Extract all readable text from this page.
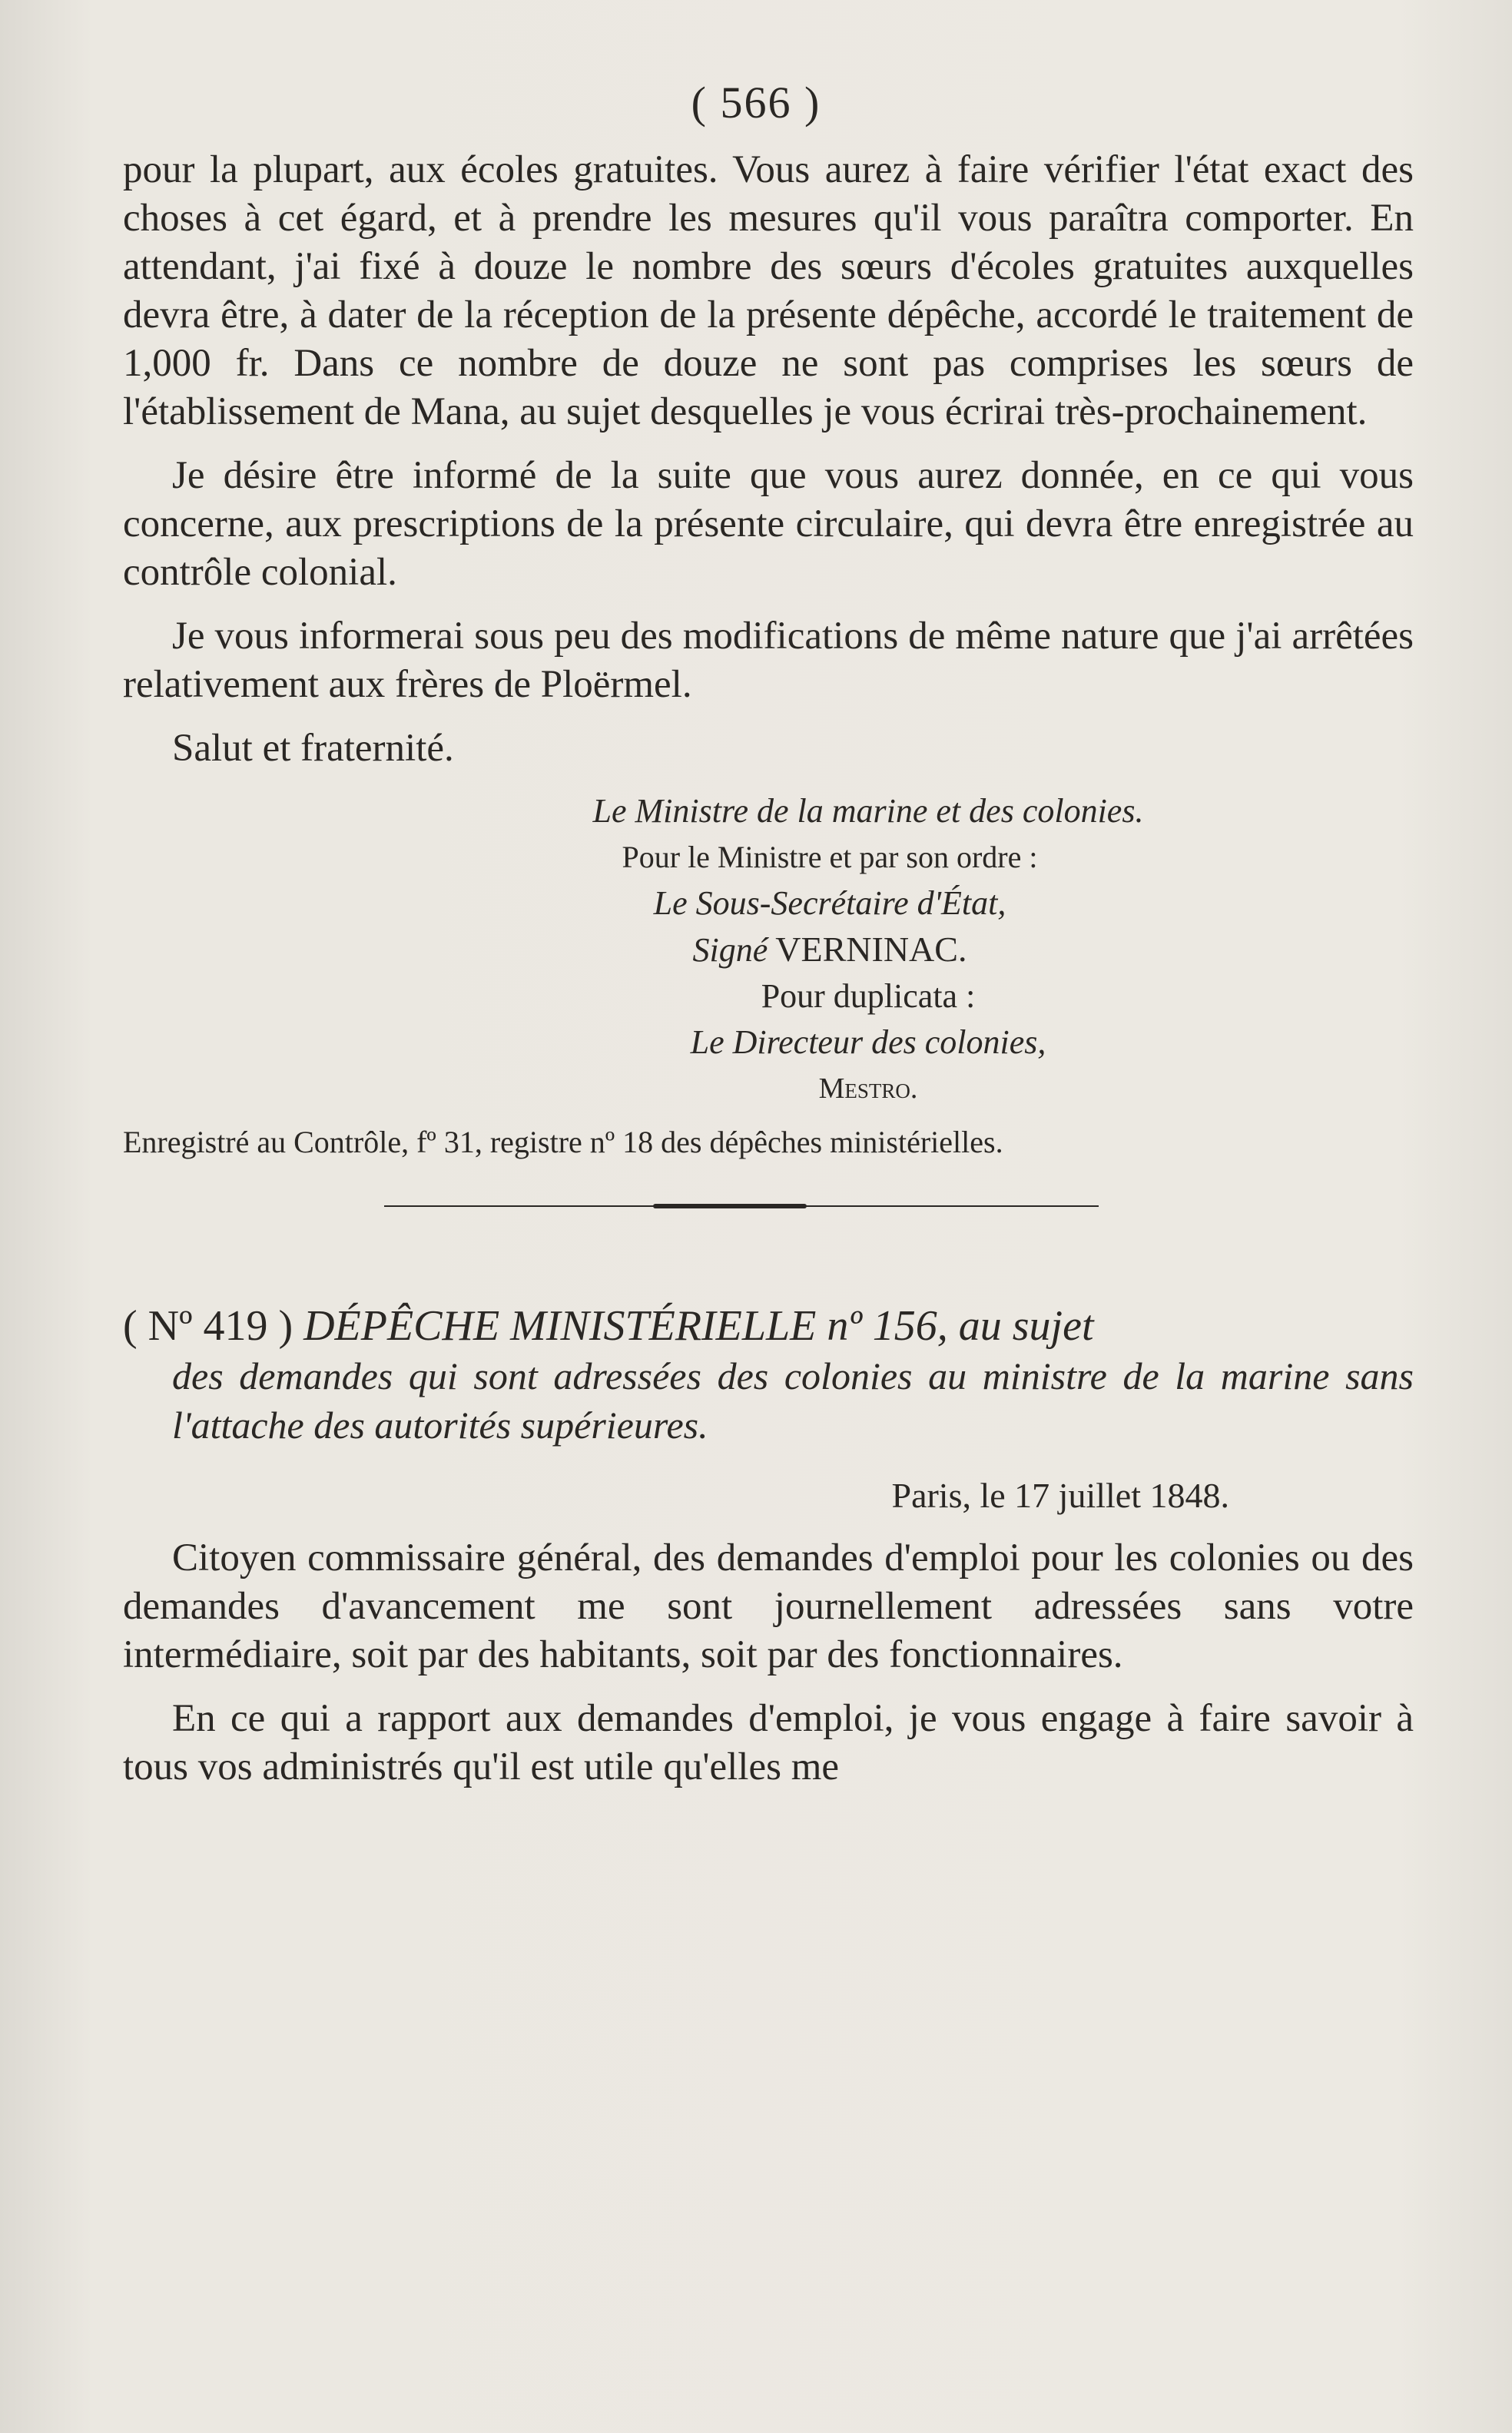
( 566 )

pour la plupart, aux écoles gratuites. Vous aurez à faire vérifier l'état exact des choses à cet égard, et à prendre les mesures qu'il vous paraîtra comporter. En attendant, j'ai fixé à douze le nombre des sœurs d'écoles gratuites auxquelles devra être, à dater de la réception de la présente dépêche, accordé le traitement de 1,000 fr. Dans ce nombre de douze ne sont pas comprises les sœurs de l'établissement de Mana, au sujet desquelles je vous écrirai très-prochainement.

Je désire être informé de la suite que vous aurez donnée, en ce qui vous concerne, aux prescriptions de la présente circulaire, qui devra être enregistrée au contrôle colonial.

Je vous informerai sous peu des modifications de même nature que j'ai arrêtées relativement aux frères de Ploërmel.

Salut et fraternité.

Le Ministre de la marine et des colonies.
Pour le Ministre et par son ordre :
Le Sous-Secrétaire d'État,
Signé VERNINAC.
Pour duplicata :
Le Directeur des colonies,
Mestro.

Enregistré au Contrôle, fº 31, registre nº 18 des dépêches ministérielles.

( Nº 419 ) DÉPÊCHE MINISTÉRIELLE nº 156, au sujet
des demandes qui sont adressées des colonies au ministre de la marine sans l'attache des autorités supérieures.
Paris, le 17 juillet 1848.

Citoyen commissaire général, des demandes d'emploi pour les colonies ou des demandes d'avancement me sont journellement adressées sans votre intermédiaire, soit par des habitants, soit par des fonctionnaires.

En ce qui a rapport aux demandes d'emploi, je vous engage à faire savoir à tous vos administrés qu'il est utile qu'elles me
